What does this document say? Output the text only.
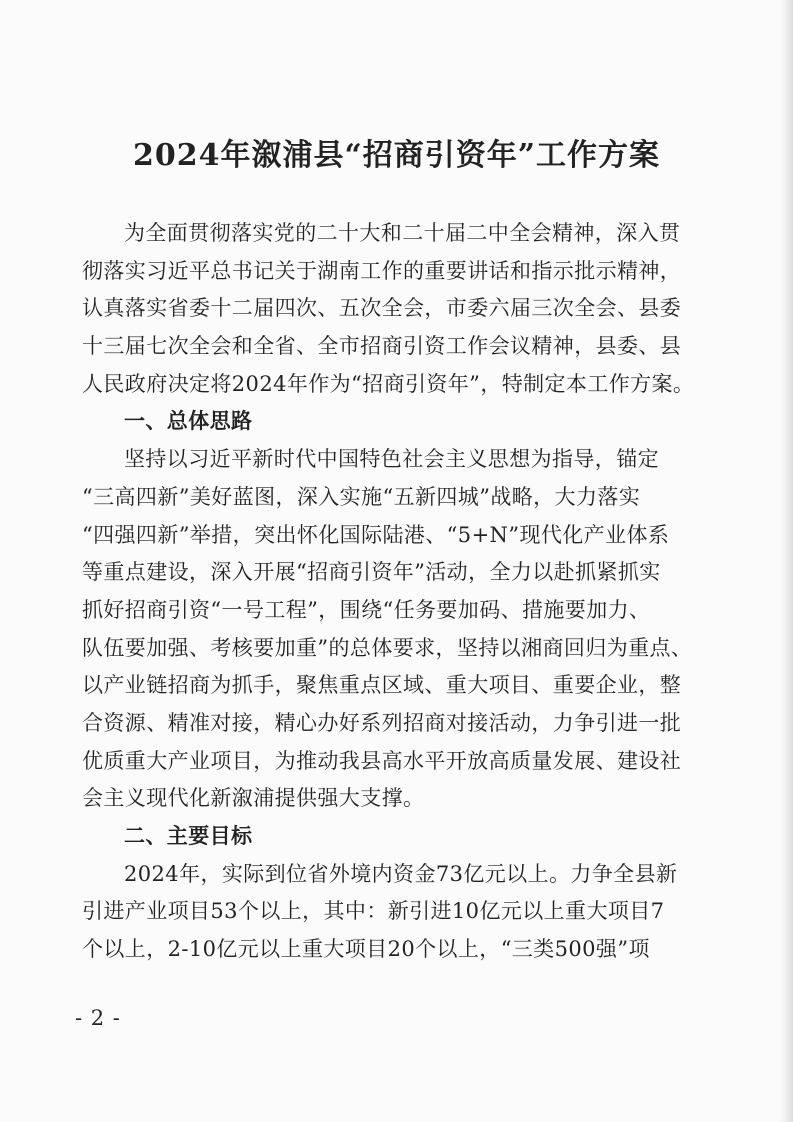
2024年溆浦县“招商引资年”工作方案
为全面贯彻落实党的二十大和二十届二中全会精神，深入贯
彻落实习近平总书记关于湖南工作的重要讲话和指示批示精神，
认真落实省委十二届四次、五次全会，市委六届三次全会、县委
十三届七次全会和全省、全市招商引资工作会议精神，县委、县
人民政府决定将2024年作为“招商引资年”，特制定本工作方案。
一、总体思路
坚持以习近平新时代中国特色社会主义思想为指导，锚定
“三高四新”美好蓝图，深入实施“五新四城”战略，大力落实
“四强四新”举措，突出怀化国际陆港、“5+N”现代化产业体系
等重点建设，深入开展“招商引资年”活动，全力以赴抓紧抓实
抓好招商引资“一号工程”，围绕“任务要加码、措施要加力、
队伍要加强、考核要加重”的总体要求，坚持以湘商回归为重点、
以产业链招商为抓手，聚焦重点区域、重大项目、重要企业，整
合资源、精准对接，精心办好系列招商对接活动，力争引进一批
优质重大产业项目，为推动我县高水平开放高质量发展、建设社
会主义现代化新溆浦提供强大支撑。
二、主要目标
2024年，实际到位省外境内资金73亿元以上。力争全县新
引进产业项目53个以上，其中：新引进10亿元以上重大项目7
个以上，2-10亿元以上重大项目20个以上，“三类500强”项
- 2 -
